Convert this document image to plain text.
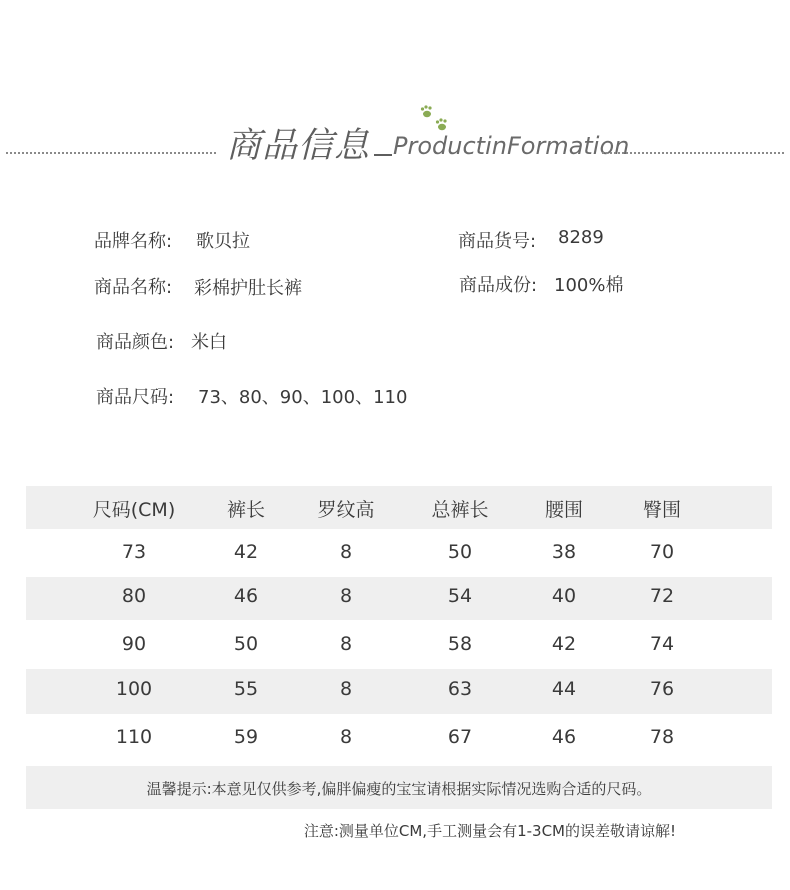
商品信息 ProductinFormation
品牌名称: 歌贝拉	商品货号: 8289
商品名称: 彩棉护肚长裤	商品成份: 100%棉
商品颜色: 米白
商品尺码: 73、80、90、100、110
尺码(CM)	裤长	罗纹高	总裤长	腰围	臀围
73	42	8	50	38	70
80	46	8	54	40	72
90	50	8	58	42	74
100	55	8	63	44	76
110	59	8	67	46	78
温馨提示:本意见仅供参考,偏胖偏瘦的宝宝请根据实际情况选购合适的尺码。
注意:测量单位CM,手工测量会有1-3CM的误差敬请谅解!
